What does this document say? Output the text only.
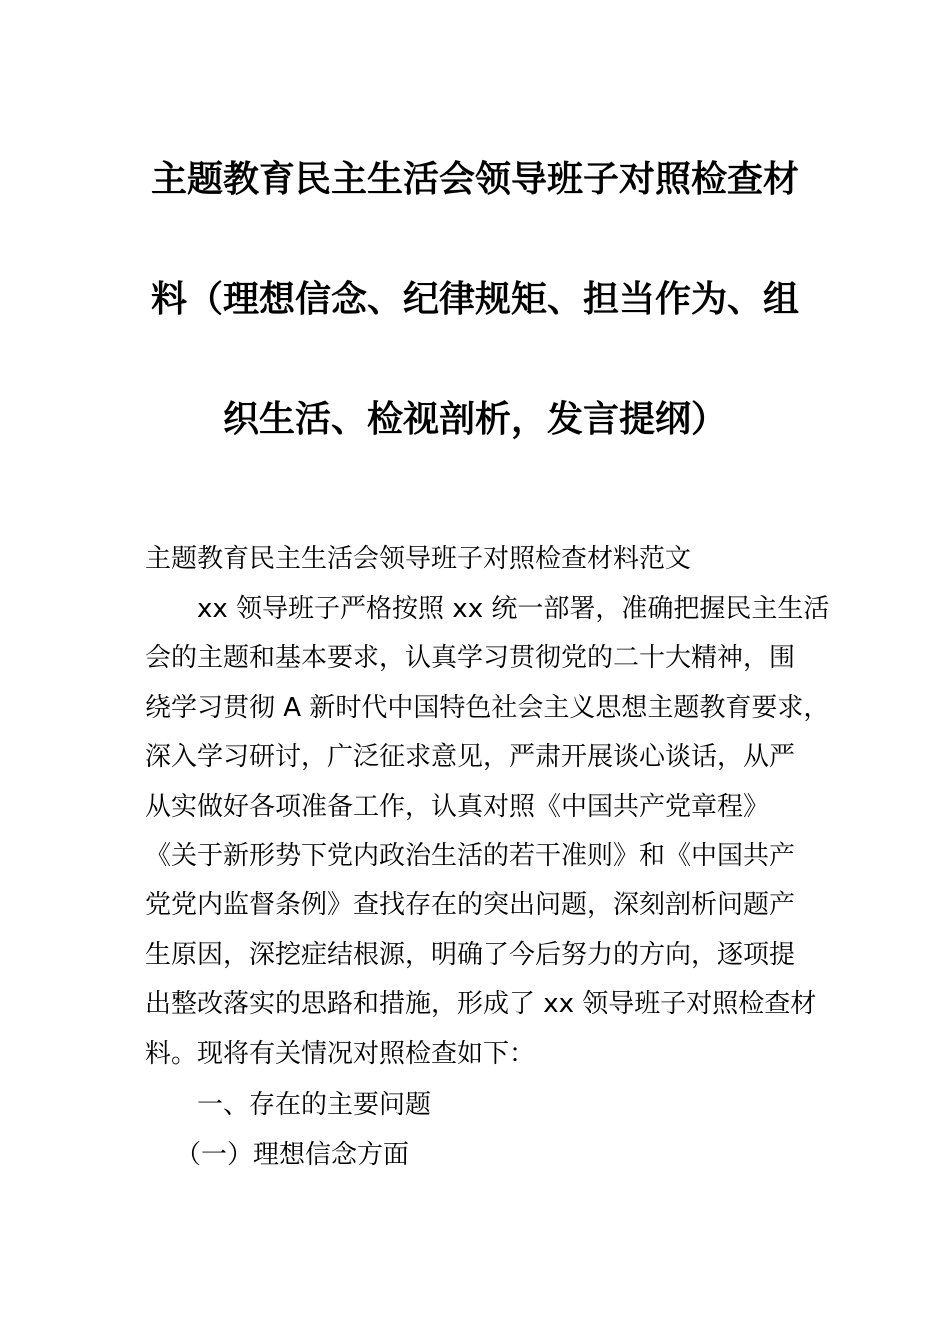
主题教育民主生活会领导班子对照检查材
料（理想信念、纪律规矩、担当作为、组
织生活、检视剖析，发言提纲）
主题教育民主生活会领导班子对照检查材料范文
xx 领导班子严格按照 xx 统一部署，准确把握民主生活
会的主题和基本要求，认真学习贯彻党的二十大精神，围
绕学习贯彻 A 新时代中国特色社会主义思想主题教育要求，
深入学习研讨，广泛征求意见，严肃开展谈心谈话，从严
从实做好各项准备工作，认真对照《中国共产党章程》
《关于新形势下党内政治生活的若干准则》和《中国共产
党党内监督条例》查找存在的突出问题，深刻剖析问题产
生原因，深挖症结根源，明确了今后努力的方向，逐项提
出整改落实的思路和措施，形成了 xx 领导班子对照检查材
料。现将有关情况对照检查如下：
一、存在的主要问题
（一）理想信念方面
